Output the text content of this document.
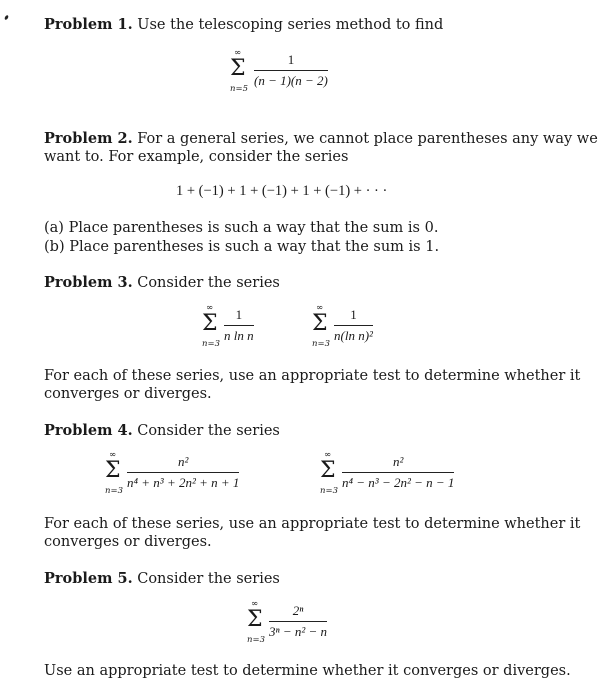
Problem 1. Use the telescoping series method to find
∞
Σ
n=5
1
(n − 1)(n − 2)
Problem 2. For a general series, we cannot place parentheses any way we
want to. For example, consider the series
1 + (−1) + 1 + (−1) + 1 + (−1) + · · ·
(a) Place parentheses is such a way that the sum is 0.
(b) Place parentheses is such a way that the sum is 1.
Problem 3. Consider the series
∞
Σ
n=3
1
n ln n
∞
Σ
n=3
1
n(ln n)²
For each of these series, use an appropriate test to determine whether it
converges or diverges.
Problem 4. Consider the series
∞
Σ
n=3
n²
n⁴ + n³ + 2n² + n + 1
∞
Σ
n=3
n²
n⁴ − n³ − 2n² − n − 1
For each of these series, use an appropriate test to determine whether it
converges or diverges.
Problem 5. Consider the series
∞
Σ
n=3
2ⁿ
3ⁿ − n² − n
Use an appropriate test to determine whether it converges or diverges.
